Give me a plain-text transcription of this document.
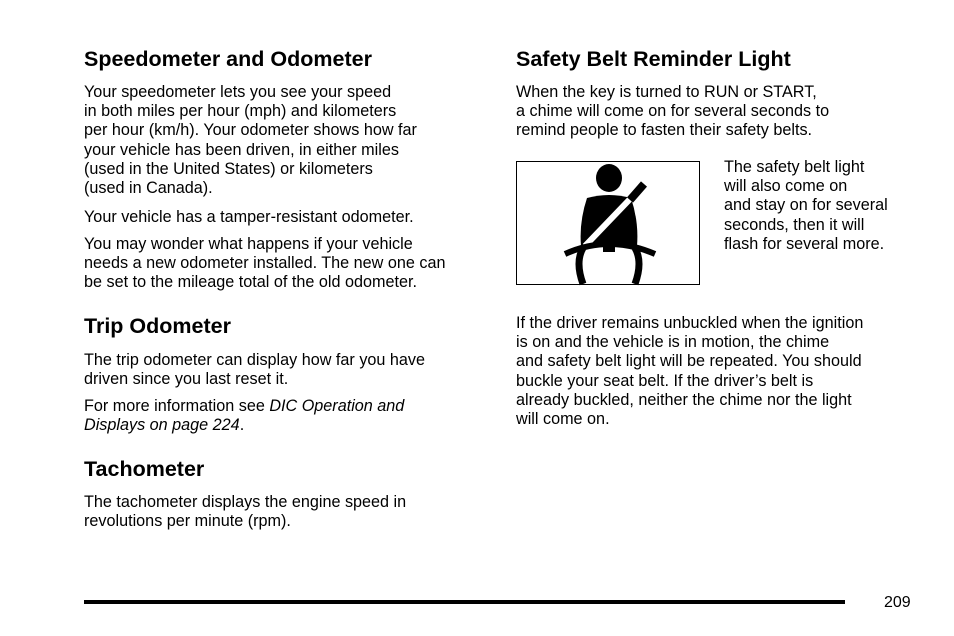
Speedometer and Odometer
Your speedometer lets you see your speed
in both miles per hour (mph) and kilometers
per hour (km/h). Your odometer shows how far
your vehicle has been driven, in either miles
(used in the United States) or kilometers
(used in Canada).
Your vehicle has a tamper-resistant odometer.
You may wonder what happens if your vehicle
needs a new odometer installed. The new one can
be set to the mileage total of the old odometer.
Trip Odometer
The trip odometer can display how far you have
driven since you last reset it.
For more information see DIC Operation and
Displays on page 224.
Tachometer
The tachometer displays the engine speed in
revolutions per minute (rpm).
Safety Belt Reminder Light
When the key is turned to RUN or START,
a chime will come on for several seconds to
remind people to fasten their safety belts.
The safety belt light
will also come on
and stay on for several
seconds, then it will
flash for several more.
If the driver remains unbuckled when the ignition
is on and the vehicle is in motion, the chime
and safety belt light will be repeated. You should
buckle your seat belt. If the driver’s belt is
already buckled, neither the chime nor the light
will come on.
209
